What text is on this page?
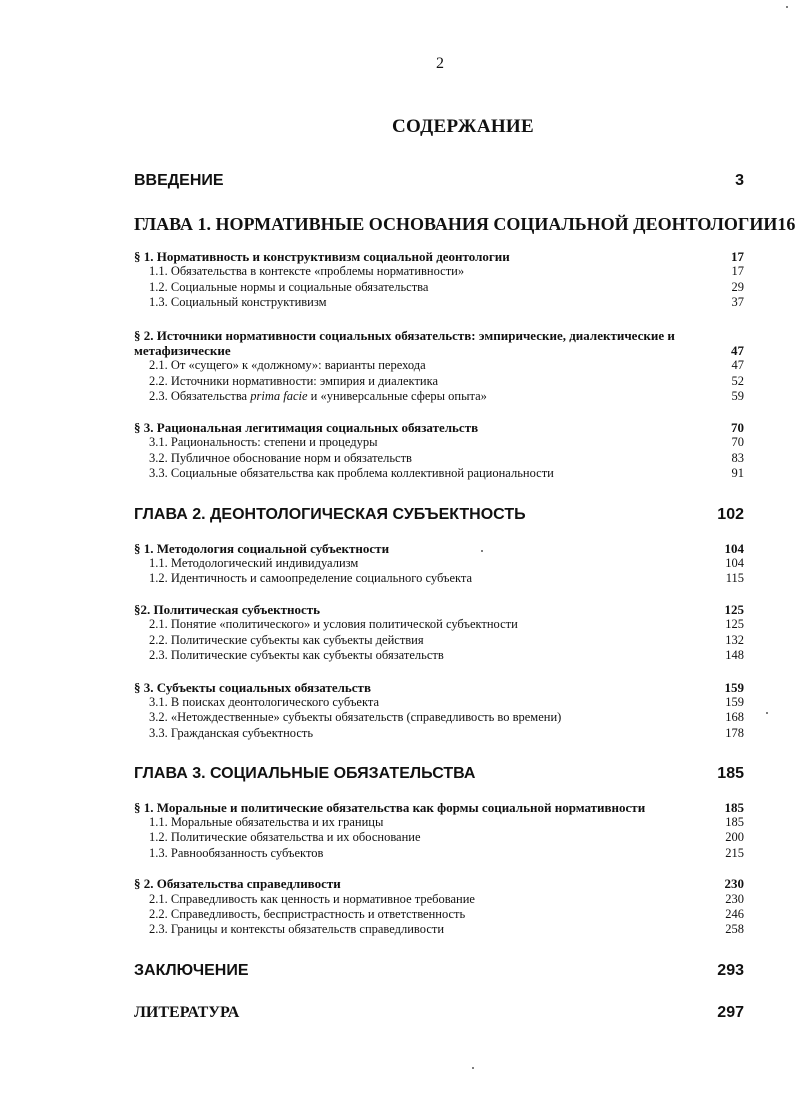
2
СОДЕРЖАНИЕ
ВВЕДЕНИЕ	3
ГЛАВА 1. НОРМАТИВНЫЕ ОСНОВАНИЯ СОЦИАЛЬНОЙ ДЕОНТОЛОГИИ 16
§ 1. Нормативность и конструктивизм социальной деонтологии	17
1.1. Обязательства в контексте «проблемы нормативности»	17
1.2. Социальные нормы и социальные обязательства	29
1.3. Социальный конструктивизм	37
§ 2. Источники нормативности социальных обязательств: эмпирические, диалектические и
метафизические	47
2.1. От «сущего» к «должному»: варианты перехода	47
2.2. Источники нормативности: эмпирия и диалектика	52
2.3. Обязательства prima facie и «универсальные сферы опыта»	59
§ 3. Рациональная легитимация социальных обязательств	70
3.1. Рациональность: степени и процедуры	70
3.2. Публичное обоснование норм и обязательств	83
3.3. Социальные обязательства как проблема коллективной рациональности	91
ГЛАВА 2. ДЕОНТОЛОГИЧЕСКАЯ СУБЪЕКТНОСТЬ	102
§ 1. Методология социальной субъектности	104
1.1. Методологический индивидуализм	104
1.2. Идентичность и самоопределение социального субъекта	115
§2. Политическая субъектность	125
2.1. Понятие «политического» и условия политической субъектности	125
2.2. Политические субъекты как субъекты действия	132
2.3. Политические субъекты как субъекты обязательств	148
§ 3. Субъекты социальных обязательств	159
3.1. В поисках деонтологического субъекта	159
3.2. «Нетождественные» субъекты обязательств (справедливость во времени)	168
3.3. Гражданская субъектность	178
ГЛАВА 3. СОЦИАЛЬНЫЕ ОБЯЗАТЕЛЬСТВА	185
§ 1. Моральные и политические обязательства как формы социальной нормативности	185
1.1. Моральные обязательства и их границы	185
1.2. Политические обязательства и их обоснование	200
1.3. Равнообязанность субъектов	215
§ 2. Обязательства справедливости	230
2.1. Справедливость как ценность и нормативное требование	230
2.2. Справедливость, беспристрастность и ответственность	246
2.3. Границы и контексты обязательств справедливости	258
ЗАКЛЮЧЕНИЕ	293
ЛИТЕРАТУРА	297
